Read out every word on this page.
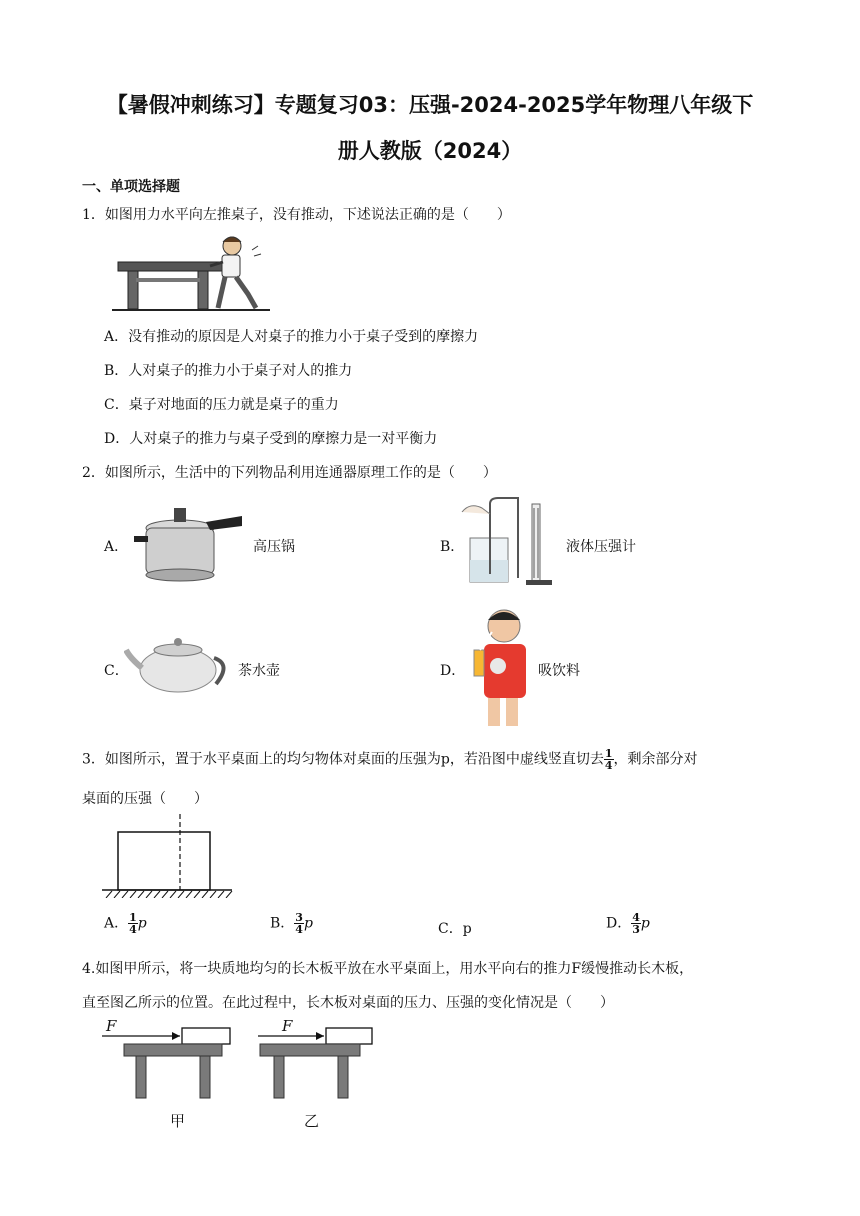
【暑假冲刺练习】专题复习03：压强-2024-2025学年物理八年级下
册人教版（2024）
一、单项选择题
1．如图用力水平向左推桌子，没有推动，下述说法正确的是（　　）
A．没有推动的原因是人对桌子的推力小于桌子受到的摩擦力
B．人对桌子的推力小于桌子对人的推力
C．桌子对地面的压力就是桌子的重力
D．人对桌子的推力与桌子受到的摩擦力是一对平衡力
2．如图所示，生活中的下列物品利用连通器原理工作的是（　　）
A．	高压锅	B．	液体压强计
C．	茶水壶	D．	吸饮料
3．如图所示，置于水平桌面上的均匀物体对桌面的压强为p，若沿图中虚线竖直切去 $\frac{1}{4}$ ，剩余部分对
桌面的压强（　　）
A． $\frac{1}{4}$ p	B． $\frac{3}{4}$ p	C．p	D． $\frac{4}{3}$ p
4.如图甲所示，将一块质地均匀的长木板平放在水平桌面上，用水平向右的推力F缓慢推动长木板，
直至图乙所示的位置。在此过程中，长木板对桌面的压力、压强的变化情况是（　　）
F
甲
F
乙
